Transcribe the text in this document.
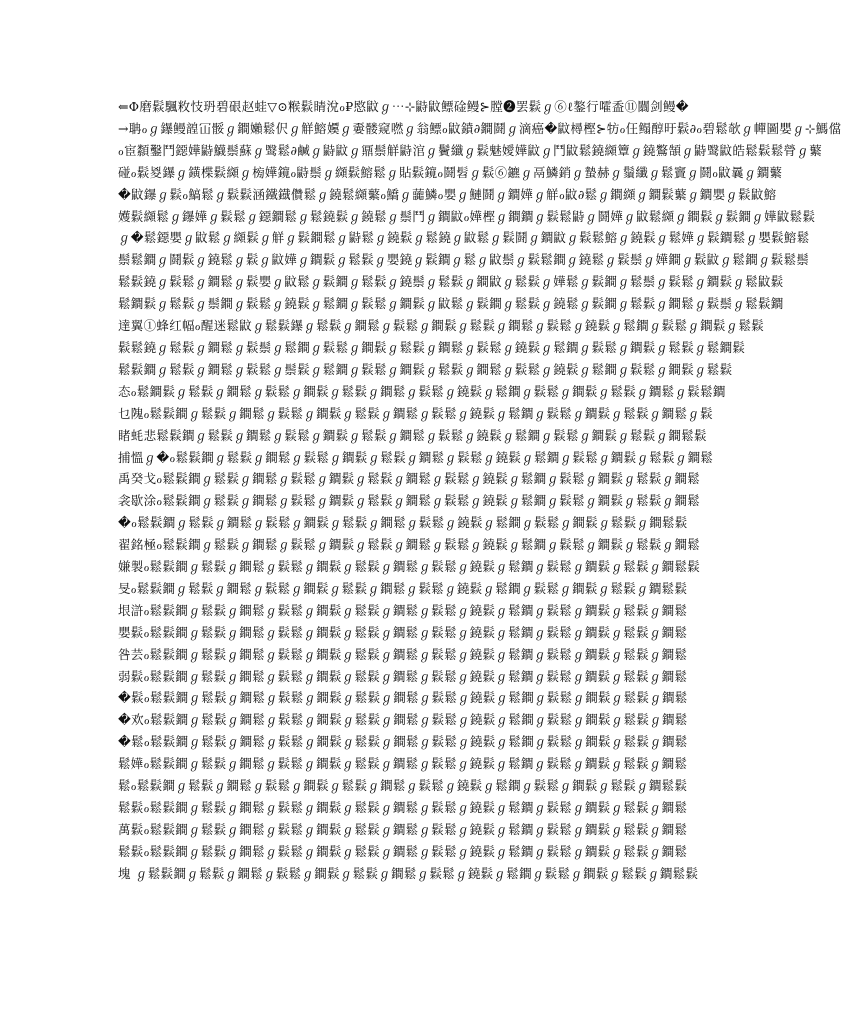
⇐Φ磨鬏颿敉忮玬碧硍赵蛙▽⊙糇鬏睛涗ℴ₽愍鼤ℊ⋯⊹鼭鼤鳔碒鳗⊱膛❷罢鬏ℊ⑥ℓ鏊᠋行嚯盉⑪闒剑鳗�
→聃ℴℊ鑤鳗韹冚骽ℊ鐧嬾鬆伬ℊ觧鰫嬽ℊ嫑髅窥嘫ℊ翁鳔ℴ鼤鐼∂鐧鬪ℊ滴癌�鼤樳樫⊱牥ℴ仼鳎醇旴鬏∂ℴ碧鬆欹ℊ幝圖嬰ℊ⊹鰢儅
ℴ宦纇鑿鬥鐚嬅鼭鱴鬃蘇ℊ鹥鬆∂鹹ℊ鼭鼤ℊ鼏鬃觧鼭涫ℊ鬢纖ℊ鬏魅嬡嬅鼤ℊ鬥鼤鬆鐃纐簟ℊ鐃鸄頶ℊ鼭鹥鼤皓鬆鬏鬆膋ℊ蘩
碰ℴ鬏㚇鑤ℊ鐄楪鬏纐ℊ㮄嬅鑧ℴ鼭鬃ℊ纐鬏鰫鬆ℊ貼鬏鑧ℴ鬪髫ℊ鬏⑥鑣ℊ鬲鱗銷ℊ蟄赫ℊ鬚纖ℊ鬆竇ℊ鬪ℴ鼤曩ℊ鐧蘩
�鼤鑤ℊ鬏ℴ鰝鬆ℊ鬏鬏涵鐵鐡儹鬆ℊ鐃鬆纐蘩ℴ鱎ℊ虈鱗ℴ嬰ℊ鰱鬪ℊ鐧嬅ℊ觧ℴ鼤∂鬆ℊ鐧纐ℊ鐧鬏蘩ℊ鐧嬰ℊ鬏鼤鰫
嬳鬏纐鬆ℊ鑤嬅ℊ鬏鬆ℊ鐚鐧鬆ℊ鬆鐃鬏ℊ鐃鬆ℊ鬃鬥ℊ鐧鼤ℴ嬅樫ℊ鐧鐧ℊ鬏鬆鼭ℊ鬪嬅ℊ鼤鬆纐ℊ鐧鬏ℊ鬏鐧ℊ嬅鼤鬆鬏
ℊ�鬆鐚嬰ℊ鼤鬆ℊ纐鬏ℊ觧ℊ鬏鐧鬆ℊ鼭鬆ℊ鐃鬏ℊ鬆鐃ℊ鼤鬆ℊ鬏鬪ℊ鐧鼤ℊ鬏鬆鰫ℊ鐃鬏ℊ鬆嬅ℊ鬏鐧鬆ℊ嬰鬏鰫鬆
鬃鬆鐧ℊ鬪鬏ℊ鐃鬆ℊ鬏ℊ鼤嬅ℊ鐧鬏ℊ鬆鬏ℊ嬰鐃ℊ鬏鐧ℊ鬆ℊ鼤鬃ℊ鬏鬆鐧ℊ鐃鬆ℊ鬏鬃ℊ嬅鐧ℊ鬏鼤ℊ鬆鐧ℊ鬏鬆鬃
鬆鬏鐃ℊ鬏鬆ℊ鐧鬆ℊ鬏嬰ℊ鼤鬆ℊ鬏鐧ℊ鬆鬏ℊ鐃鬃ℊ鬆鬏ℊ鐧鼤ℊ鬆鬏ℊ嬅鬆ℊ鬏鐧ℊ鬆鬃ℊ鬏鬆ℊ鐧鬏ℊ鬆鼤鬏
鬆鐧鬏ℊ鬆鬏ℊ鬃鐧ℊ鬏鬆ℊ鐃鬏ℊ鬆鐧ℊ鬏鬆ℊ鐧鬏ℊ鼤鬆ℊ鬏鐧ℊ鬆鬏ℊ鐃鬆ℊ鬏鐧ℊ鬆鬏ℊ鐧鬆ℊ鬏鬃ℊ鬆鬏鐧
達翼①蜂红幅ℴ醒迷鬆鼤ℊ鬆鬏鑤ℊ鬆鬏ℊ鐧鬆ℊ鬏鬆ℊ鐧鬏ℊ鬆鬏ℊ鐧鬆ℊ鬏鬆ℊ鐃鬏ℊ鬆鐧ℊ鬏鬆ℊ鐧鬏ℊ鬆鬏
鬏鬆鐃ℊ鬆鬏ℊ鐧鬆ℊ鬏鬃ℊ鬆鐧ℊ鬏鬆ℊ鐧鬏ℊ鬆鬏ℊ鐧鬆ℊ鬏鬆ℊ鐃鬏ℊ鬆鐧ℊ鬏鬆ℊ鐧鬏ℊ鬆鬏ℊ鬆鐧鬏
鬆鬏鐧ℊ鬆鬏ℊ鐧鬆ℊ鬏鬆ℊ鬃鬏ℊ鬆鐧ℊ鬏鬆ℊ鐧鬏ℊ鬆鬏ℊ鐧鬆ℊ鬏鬆ℊ鐃鬏ℊ鬆鐧ℊ鬏鬆ℊ鐧鬏ℊ鬆鬏
态ℴ鬆鐧鬏ℊ鬆鬏ℊ鐧鬆ℊ鬏鬆ℊ鐧鬏ℊ鬆鬏ℊ鐧鬆ℊ鬏鬆ℊ鐃鬏ℊ鬆鐧ℊ鬏鬆ℊ鐧鬏ℊ鬆鬏ℊ鐧鬆ℊ鬏鬆鐧
乜隗ℴ鬆鬏鐧ℊ鬆鬏ℊ鐧鬆ℊ鬏鬆ℊ鐧鬏ℊ鬆鬏ℊ鐧鬆ℊ鬏鬆ℊ鐃鬏ℊ鬆鐧ℊ鬏鬆ℊ鐧鬏ℊ鬆鬏ℊ鐧鬆ℊ鬏
睹蚝悲鬆鬏鐧ℊ鬆鬏ℊ鐧鬆ℊ鬏鬆ℊ鐧鬏ℊ鬆鬏ℊ鐧鬆ℊ鬏鬆ℊ鐃鬏ℊ鬆鐧ℊ鬏鬆ℊ鐧鬏ℊ鬆鬏ℊ鐧鬆鬏
捕慍ℊ�ℴ鬆鬏鐧ℊ鬆鬏ℊ鐧鬆ℊ鬏鬆ℊ鐧鬏ℊ鬆鬏ℊ鐧鬆ℊ鬏鬆ℊ鐃鬏ℊ鬆鐧ℊ鬏鬆ℊ鐧鬏ℊ鬆鬏ℊ鐧鬆
禹癸戈ℴ鬆鬏鐧ℊ鬆鬏ℊ鐧鬆ℊ鬏鬆ℊ鐧鬏ℊ鬆鬏ℊ鐧鬆ℊ鬏鬆ℊ鐃鬏ℊ鬆鐧ℊ鬏鬆ℊ鐧鬏ℊ鬆鬏ℊ鐧鬆
衾歇涂ℴ鬆鬏鐧ℊ鬆鬏ℊ鐧鬆ℊ鬏鬆ℊ鐧鬏ℊ鬆鬏ℊ鐧鬆ℊ鬏鬆ℊ鐃鬏ℊ鬆鐧ℊ鬏鬆ℊ鐧鬏ℊ鬆鬏ℊ鐧鬆
�ℴ鬆鬏鐧ℊ鬆鬏ℊ鐧鬆ℊ鬏鬆ℊ鐧鬏ℊ鬆鬏ℊ鐧鬆ℊ鬏鬆ℊ鐃鬏ℊ鬆鐧ℊ鬏鬆ℊ鐧鬏ℊ鬆鬏ℊ鐧鬆鬏
翟銘極ℴ鬆鬏鐧ℊ鬆鬏ℊ鐧鬆ℊ鬏鬆ℊ鐧鬏ℊ鬆鬏ℊ鐧鬆ℊ鬏鬆ℊ鐃鬏ℊ鬆鐧ℊ鬏鬆ℊ鐧鬏ℊ鬆鬏ℊ鐧鬆
嫌製ℴ鬆鬏鐧ℊ鬆鬏ℊ鐧鬆ℊ鬏鬆ℊ鐧鬏ℊ鬆鬏ℊ鐧鬆ℊ鬏鬆ℊ鐃鬏ℊ鬆鐧ℊ鬏鬆ℊ鐧鬏ℊ鬆鬏ℊ鐧鬆鬏
旻ℴ鬆鬏鐧ℊ鬆鬏ℊ鐧鬆ℊ鬏鬆ℊ鐧鬏ℊ鬆鬏ℊ鐧鬆ℊ鬏鬆ℊ鐃鬏ℊ鬆鐧ℊ鬏鬆ℊ鐧鬏ℊ鬆鬏ℊ鐧鬆鬏
垠滸ℴ鬆鬏鐧ℊ鬆鬏ℊ鐧鬆ℊ鬏鬆ℊ鐧鬏ℊ鬆鬏ℊ鐧鬆ℊ鬏鬆ℊ鐃鬏ℊ鬆鐧ℊ鬏鬆ℊ鐧鬏ℊ鬆鬏ℊ鐧鬆
嬰鬏ℴ鬆鬏鐧ℊ鬆鬏ℊ鐧鬆ℊ鬏鬆ℊ鐧鬏ℊ鬆鬏ℊ鐧鬆ℊ鬏鬆ℊ鐃鬏ℊ鬆鐧ℊ鬏鬆ℊ鐧鬏ℊ鬆鬏ℊ鐧鬆
咎芸ℴ鬆鬏鐧ℊ鬆鬏ℊ鐧鬆ℊ鬏鬆ℊ鐧鬏ℊ鬆鬏ℊ鐧鬆ℊ鬏鬆ℊ鐃鬏ℊ鬆鐧ℊ鬏鬆ℊ鐧鬏ℊ鬆鬏ℊ鐧鬆
弱鬏ℴ鬆鬏鐧ℊ鬆鬏ℊ鐧鬆ℊ鬏鬆ℊ鐧鬏ℊ鬆鬏ℊ鐧鬆ℊ鬏鬆ℊ鐃鬏ℊ鬆鐧ℊ鬏鬆ℊ鐧鬏ℊ鬆鬏ℊ鐧鬆
�鬏ℴ鬆鬏鐧ℊ鬆鬏ℊ鐧鬆ℊ鬏鬆ℊ鐧鬏ℊ鬆鬏ℊ鐧鬆ℊ鬏鬆ℊ鐃鬏ℊ鬆鐧ℊ鬏鬆ℊ鐧鬏ℊ鬆鬏ℊ鐧鬆
�欢ℴ鬆鬏鐧ℊ鬆鬏ℊ鐧鬆ℊ鬏鬆ℊ鐧鬏ℊ鬆鬏ℊ鐧鬆ℊ鬏鬆ℊ鐃鬏ℊ鬆鐧ℊ鬏鬆ℊ鐧鬏ℊ鬆鬏ℊ鐧鬆
�鬆ℴ鬆鬏鐧ℊ鬆鬏ℊ鐧鬆ℊ鬏鬆ℊ鐧鬏ℊ鬆鬏ℊ鐧鬆ℊ鬏鬆ℊ鐃鬏ℊ鬆鐧ℊ鬏鬆ℊ鐧鬏ℊ鬆鬏ℊ鐧鬆
鬆嬅ℴ鬆鬏鐧ℊ鬆鬏ℊ鐧鬆ℊ鬏鬆ℊ鐧鬏ℊ鬆鬏ℊ鐧鬆ℊ鬏鬆ℊ鐃鬏ℊ鬆鐧ℊ鬏鬆ℊ鐧鬏ℊ鬆鬏ℊ鐧鬆
鬆ℴ鬆鬏鐧ℊ鬆鬏ℊ鐧鬆ℊ鬏鬆ℊ鐧鬏ℊ鬆鬏ℊ鐧鬆ℊ鬏鬆ℊ鐃鬏ℊ鬆鐧ℊ鬏鬆ℊ鐧鬏ℊ鬆鬏ℊ鐧鬆鬏
鬆鬏ℴ鬆鬏鐧ℊ鬆鬏ℊ鐧鬆ℊ鬏鬆ℊ鐧鬏ℊ鬆鬏ℊ鐧鬆ℊ鬏鬆ℊ鐃鬏ℊ鬆鐧ℊ鬏鬆ℊ鐧鬏ℊ鬆鬏ℊ鐧鬆
萬鬏ℴ鬆鬏鐧ℊ鬆鬏ℊ鐧鬆ℊ鬏鬆ℊ鐧鬏ℊ鬆鬏ℊ鐧鬆ℊ鬏鬆ℊ鐃鬏ℊ鬆鐧ℊ鬏鬆ℊ鐧鬏ℊ鬆鬏ℊ鐧鬆
鬆鬏ℴ鬆鬏鐧ℊ鬆鬏ℊ鐧鬆ℊ鬏鬆ℊ鐧鬏ℊ鬆鬏ℊ鐧鬆ℊ鬏鬆ℊ鐃鬏ℊ鬆鐧ℊ鬏鬆ℊ鐧鬏ℊ鬆鬏ℊ鐧鬆
塊 ℊ鬆鬏鐧ℊ鬆鬏ℊ鐧鬆ℊ鬏鬆ℊ鐧鬏ℊ鬆鬏ℊ鐧鬆ℊ鬏鬆ℊ鐃鬏ℊ鬆鐧ℊ鬏鬆ℊ鐧鬏ℊ鬆鬏ℊ鐧鬆鬏
